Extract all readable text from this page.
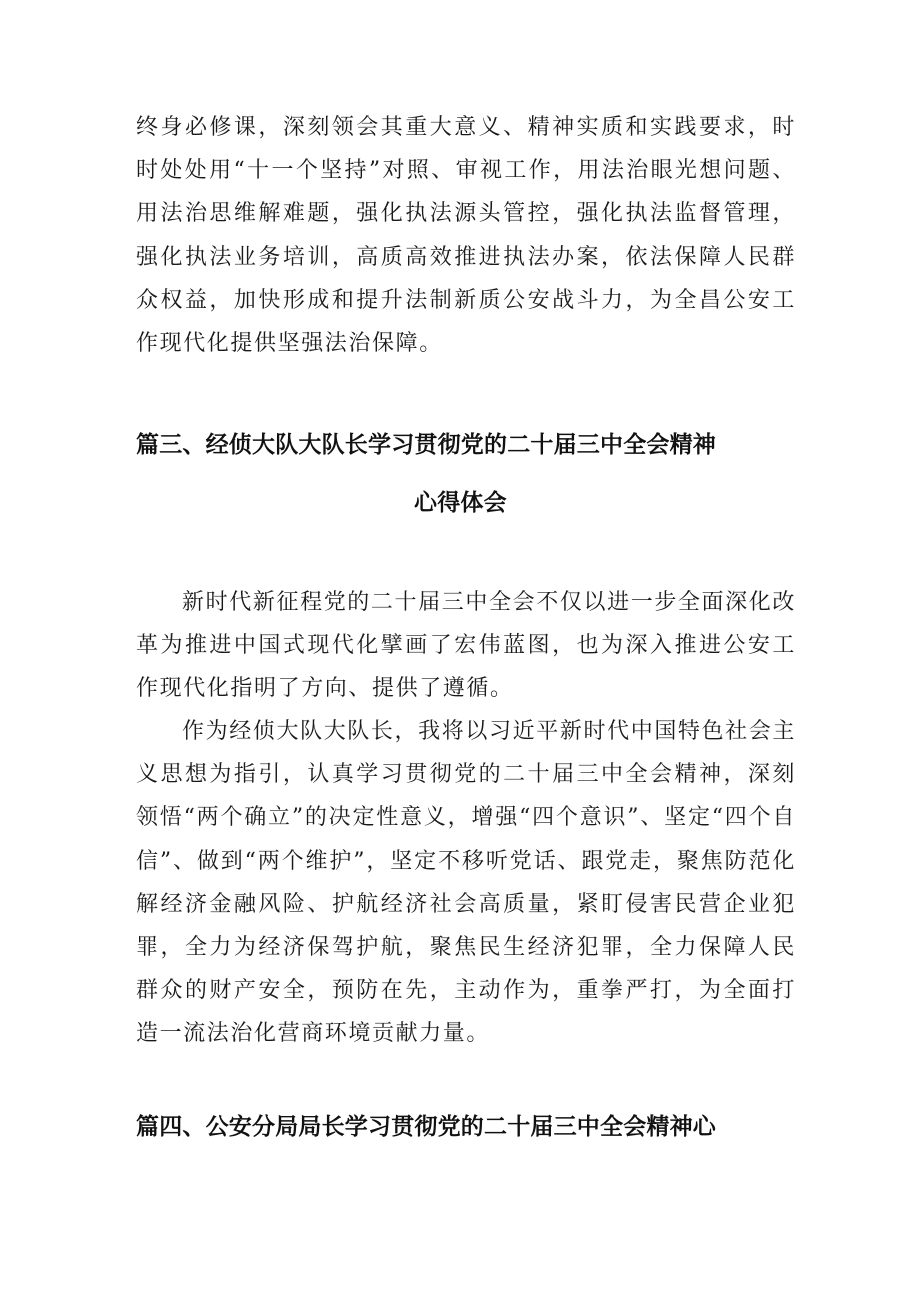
终身必修课，深刻领会其重大意义、精神实质和实践要求，时时处处用“十一个坚持”对照、审视工作，用法治眼光想问题、用法治思维解难题，强化执法源头管控，强化执法监督管理，强化执法业务培训，高质高效推进执法办案，依法保障人民群众权益，加快形成和提升法制新质公安战斗力，为全昌公安工作现代化提供坚强法治保障。

篇三、经侦大队大队长学习贯彻党的二十届三中全会精神
心得体会

新时代新征程党的二十届三中全会不仅以进一步全面深化改革为推进中国式现代化擘画了宏伟蓝图，也为深入推进公安工作现代化指明了方向、提供了遵循。

作为经侦大队大队长，我将以习近平新时代中国特色社会主义思想为指引，认真学习贯彻党的二十届三中全会精神，深刻领悟“两个确立”的决定性意义，增强“四个意识”、坚定“四个自信”、做到“两个维护”，坚定不移听党话、跟党走，聚焦防范化解经济金融风险、护航经济社会高质量，紧盯侵害民营企业犯罪，全力为经济保驾护航，聚焦民生经济犯罪，全力保障人民群众的财产安全，预防在先，主动作为，重拳严打，为全面打造一流法治化营商环境贡献力量。

篇四、公安分局局长学习贯彻党的二十届三中全会精神心
